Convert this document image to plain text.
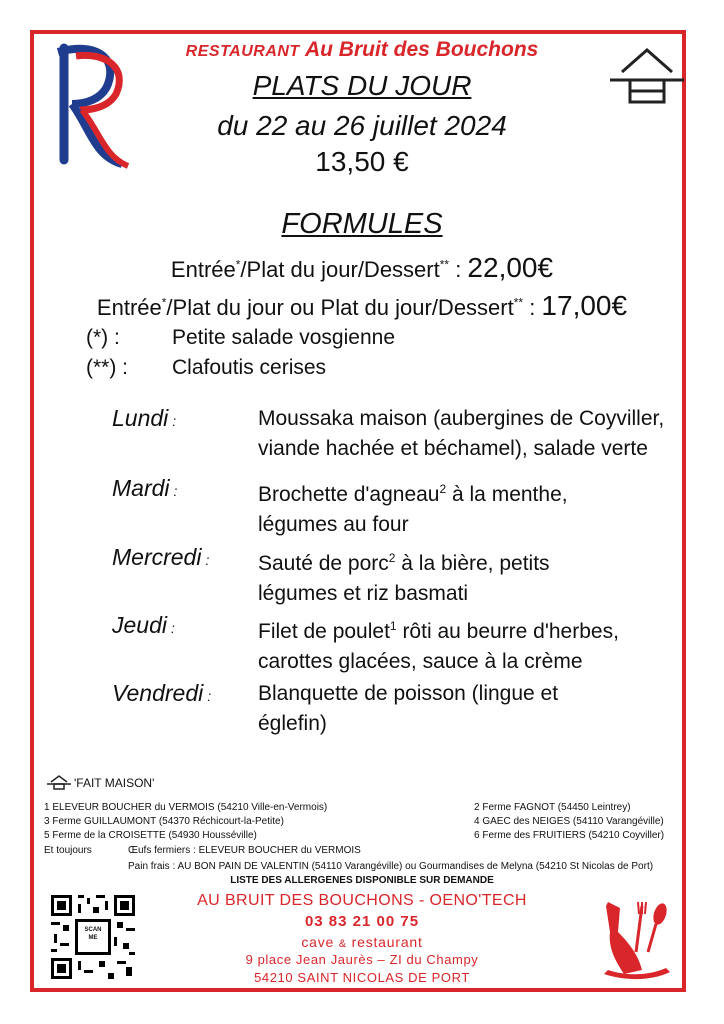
RESTAURANT Au Bruit des Bouchons
PLATS DU JOUR
du 22 au 26 juillet 2024
13,50 €
FORMULES
Entrée*/Plat du jour/Dessert** : 22,00€
Entrée*/Plat du jour ou Plat du jour/Dessert** : 17,00€
(*) : Petite salade vosgienne
(**) : Clafoutis cerises
Lundi :	Moussaka maison (aubergines de Coyviller,
viande hachée et béchamel), salade verte
Mardi :	Brochette d'agneau$^2$ à la menthe,
légumes au four
Mercredi : Sauté de porc$^2$ à la bière, petits
légumes et riz basmati
Jeudi :	Filet de poulet$^1$ rôti au beurre d'herbes,
carottes glacées, sauce à la crème
Vendredi : Blanquette de poisson (lingue et
églefin)
'FAIT MAISON'
1 ELEVEUR BOUCHER du VERMOIS (54210 Ville-en-Vermois)
3 Ferme GUILLAUMONT (54370 Réchicourt-la-Petite)
5 Ferme de la CROISETTE (54930 Housséville)
2 Ferme FAGNOT (54450 Leintrey)
4 GAEC des NEIGES (54110 Varangéville)
6 Ferme des FRUITIERS (54210 Coyviller)
Et toujours	Œufs fermiers : ELEVEUR BOUCHER du VERMOIS
Pain frais : AU BON PAIN DE VALENTIN (54110 Varangéville) ou Gourmandises de Melyna (54210 St Nicolas de Port)
LISTE DES ALLERGENES DISPONIBLE SUR DEMANDE
AU BRUIT DES BOUCHONS - OENO'TECH
03 83 21 00 75
cave & restaurant
9 place Jean Jaurès – ZI du Champy
54210 SAINT NICOLAS DE PORT
SCAN ME
